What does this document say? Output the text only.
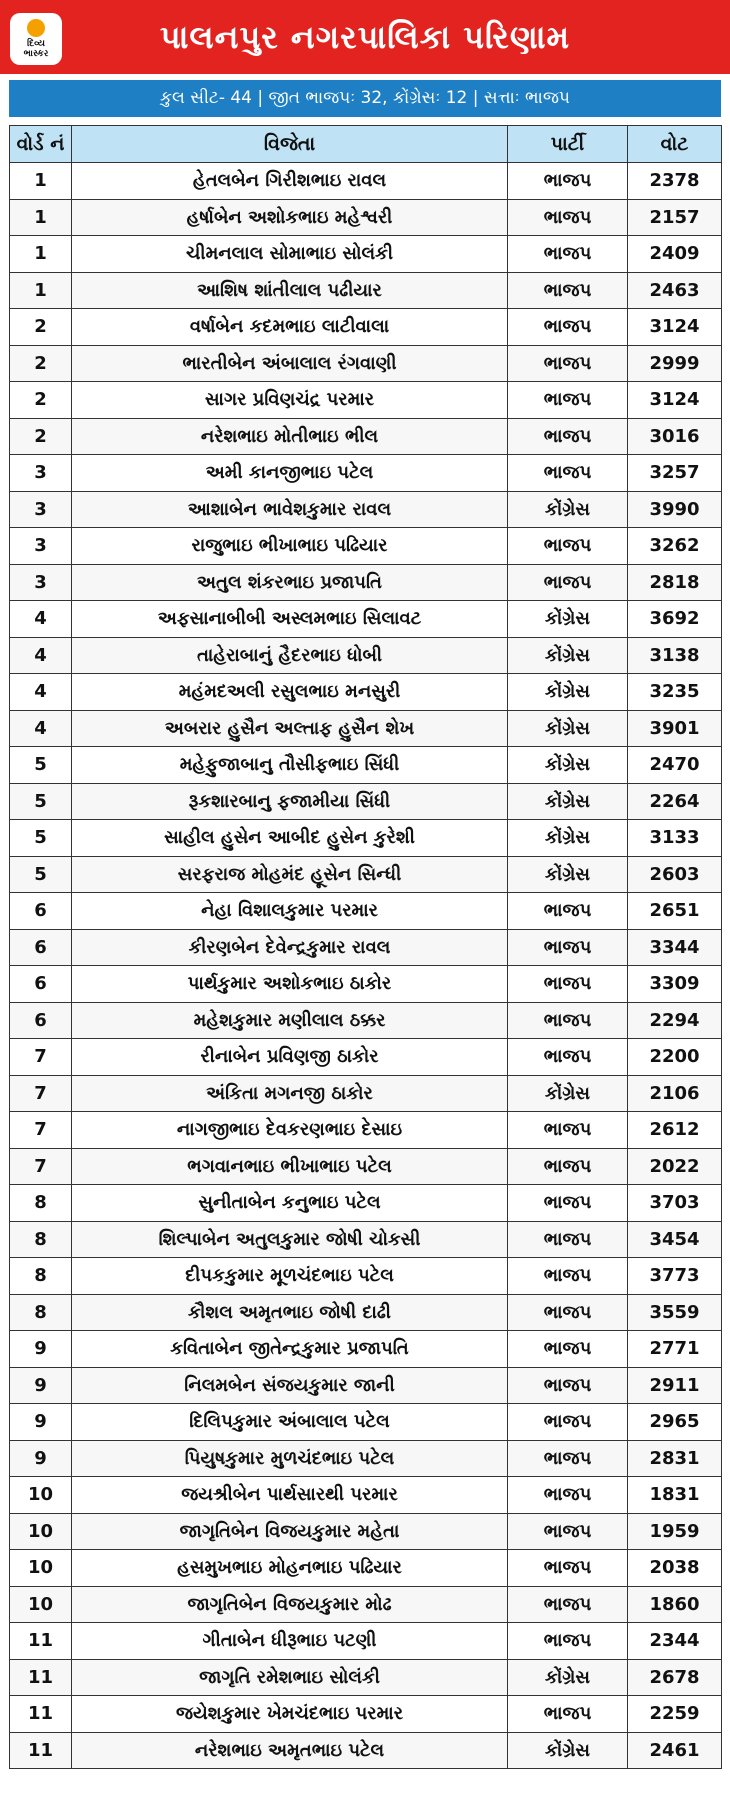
દિવ્ય
ભાસ્કર	પાલનપુર નગરપાલિકા પરિણામ
કુલ સીટ- 44 | જીત ભાજપઃ 32, કોંગ્રેસઃ 12 | સત્તાઃ ભાજપ
વોર્ડ નં	વિજેતા	પાર્ટી	વોટ
1	હેતલબેન ગિરીશભાઇ રાવલ	ભાજપ	2378
1	હર્ષાબેન અશોકભાઇ મહેશ્વરી	ભાજપ	2157
1	ચીમનલાલ સોમાભાઇ સોલંકી	ભાજપ	2409
1	આશિષ શાંતીલાલ પઢીયાર	ભાજપ	2463
2	વર્ષાબેન કદમભાઇ લાટીવાલા	ભાજપ	3124
2	ભારતીબેન અંબાલાલ રંગવાણી	ભાજપ	2999
2	સાગર પ્રવિણચંદ્ર પરમાર	ભાજપ	3124
2	નરેશભાઇ મોતીભાઇ ભીલ	ભાજપ	3016
3	અમી કાનજીભાઇ પટેલ	ભાજપ	3257
3	આશાબેન ભાવેશકુમાર રાવલ	કોંગ્રેસ	3990
3	રાજુભાઇ ભીખાભાઇ પઢિયાર	ભાજપ	3262
3	અતુલ શંકરભાઇ પ્રજાપતિ	ભાજપ	2818
4	અફસાનાબીબી અસ્લમભાઇ સિલાવટ	કોંગ્રેસ	3692
4	તાહેરાબાનું હૈદરભાઇ ધોબી	કોંગ્રેસ	3138
4	મહંમદઅલી રસુલભાઇ મનસુરી	કોંગ્રેસ	3235
4	અબરાર હુસૈન અલ્તાફ હુસૈન શેખ	કોંગ્રેસ	3901
5	મહેફુજાબાનુ તૌસીફભાઇ સિંધી	કોંગ્રેસ	2470
5	રૂકશારબાનુ ફજામીયા સિંધી	કોંગ્રેસ	2264
5	સાહીલ હુસેન આબીદ હુસેન કુરેશી	કોંગ્રેસ	3133
5	સરફરાજ મોહમંદ હૂસેન સિન્ધી	કોંગ્રેસ	2603
6	નેહા વિશાલકુમાર પરમાર	ભાજપ	2651
6	કીરણબેન દેવેન્દ્રકુમાર રાવલ	ભાજપ	3344
6	પાર્થકુમાર અશોકભાઇ ઠાકોર	ભાજપ	3309
6	મહેશકુમાર મણીલાલ ઠક્કર	ભાજપ	2294
7	રીનાબેન પ્રવિણજી ઠાકોર	ભાજપ	2200
7	અંકિતા મગનજી ઠાકોર	કોંગ્રેસ	2106
7	નાગજીભાઇ દેવકરણભાઇ દેસાઇ	ભાજપ	2612
7	ભગવાનભાઇ ભીખાભાઇ પટેલ	ભાજપ	2022
8	સુનીતાબેન કનુભાઇ પટેલ	ભાજપ	3703
8	શિલ્પાબેન અતુલકુમાર જોષી ચોકસી	ભાજપ	3454
8	દીપકકુમાર મૂળચંદભાઇ પટેલ	ભાજપ	3773
8	કૌશલ અમૃતભાઇ જોષી દાઢી	ભાજપ	3559
9	કવિતાબેન જીતેન્દ્રકુમાર પ્રજાપતિ	ભાજપ	2771
9	નિલમબેન સંજયકુમાર જાની	ભાજપ	2911
9	દિલિપકુમાર અંબાલાલ પટેલ	ભાજપ	2965
9	પિયુષકુમાર મુળચંદભાઇ પટેલ	ભાજપ	2831
10	જયશ્રીબેન પાર્થસારથી પરમાર	ભાજપ	1831
10	જાગૃતિબેન વિજયકુમાર મહેતા	ભાજપ	1959
10	હસમુખભાઇ મોહનભાઇ પઢિયાર	ભાજપ	2038
10	જાગૃતિબેન વિજયકુમાર મોઢ	ભાજપ	1860
11	ગીતાબેન ધીરૂભાઇ પટણી	ભાજપ	2344
11	જાગૃતિ રમેશભાઇ સોલંકી	કોંગ્રેસ	2678
11	જયેશકુમાર ખેમચંદભાઇ પરમાર	ભાજપ	2259
11	નરેશભાઇ અમૃતભાઇ પટેલ	કોંગ્રેસ	2461
